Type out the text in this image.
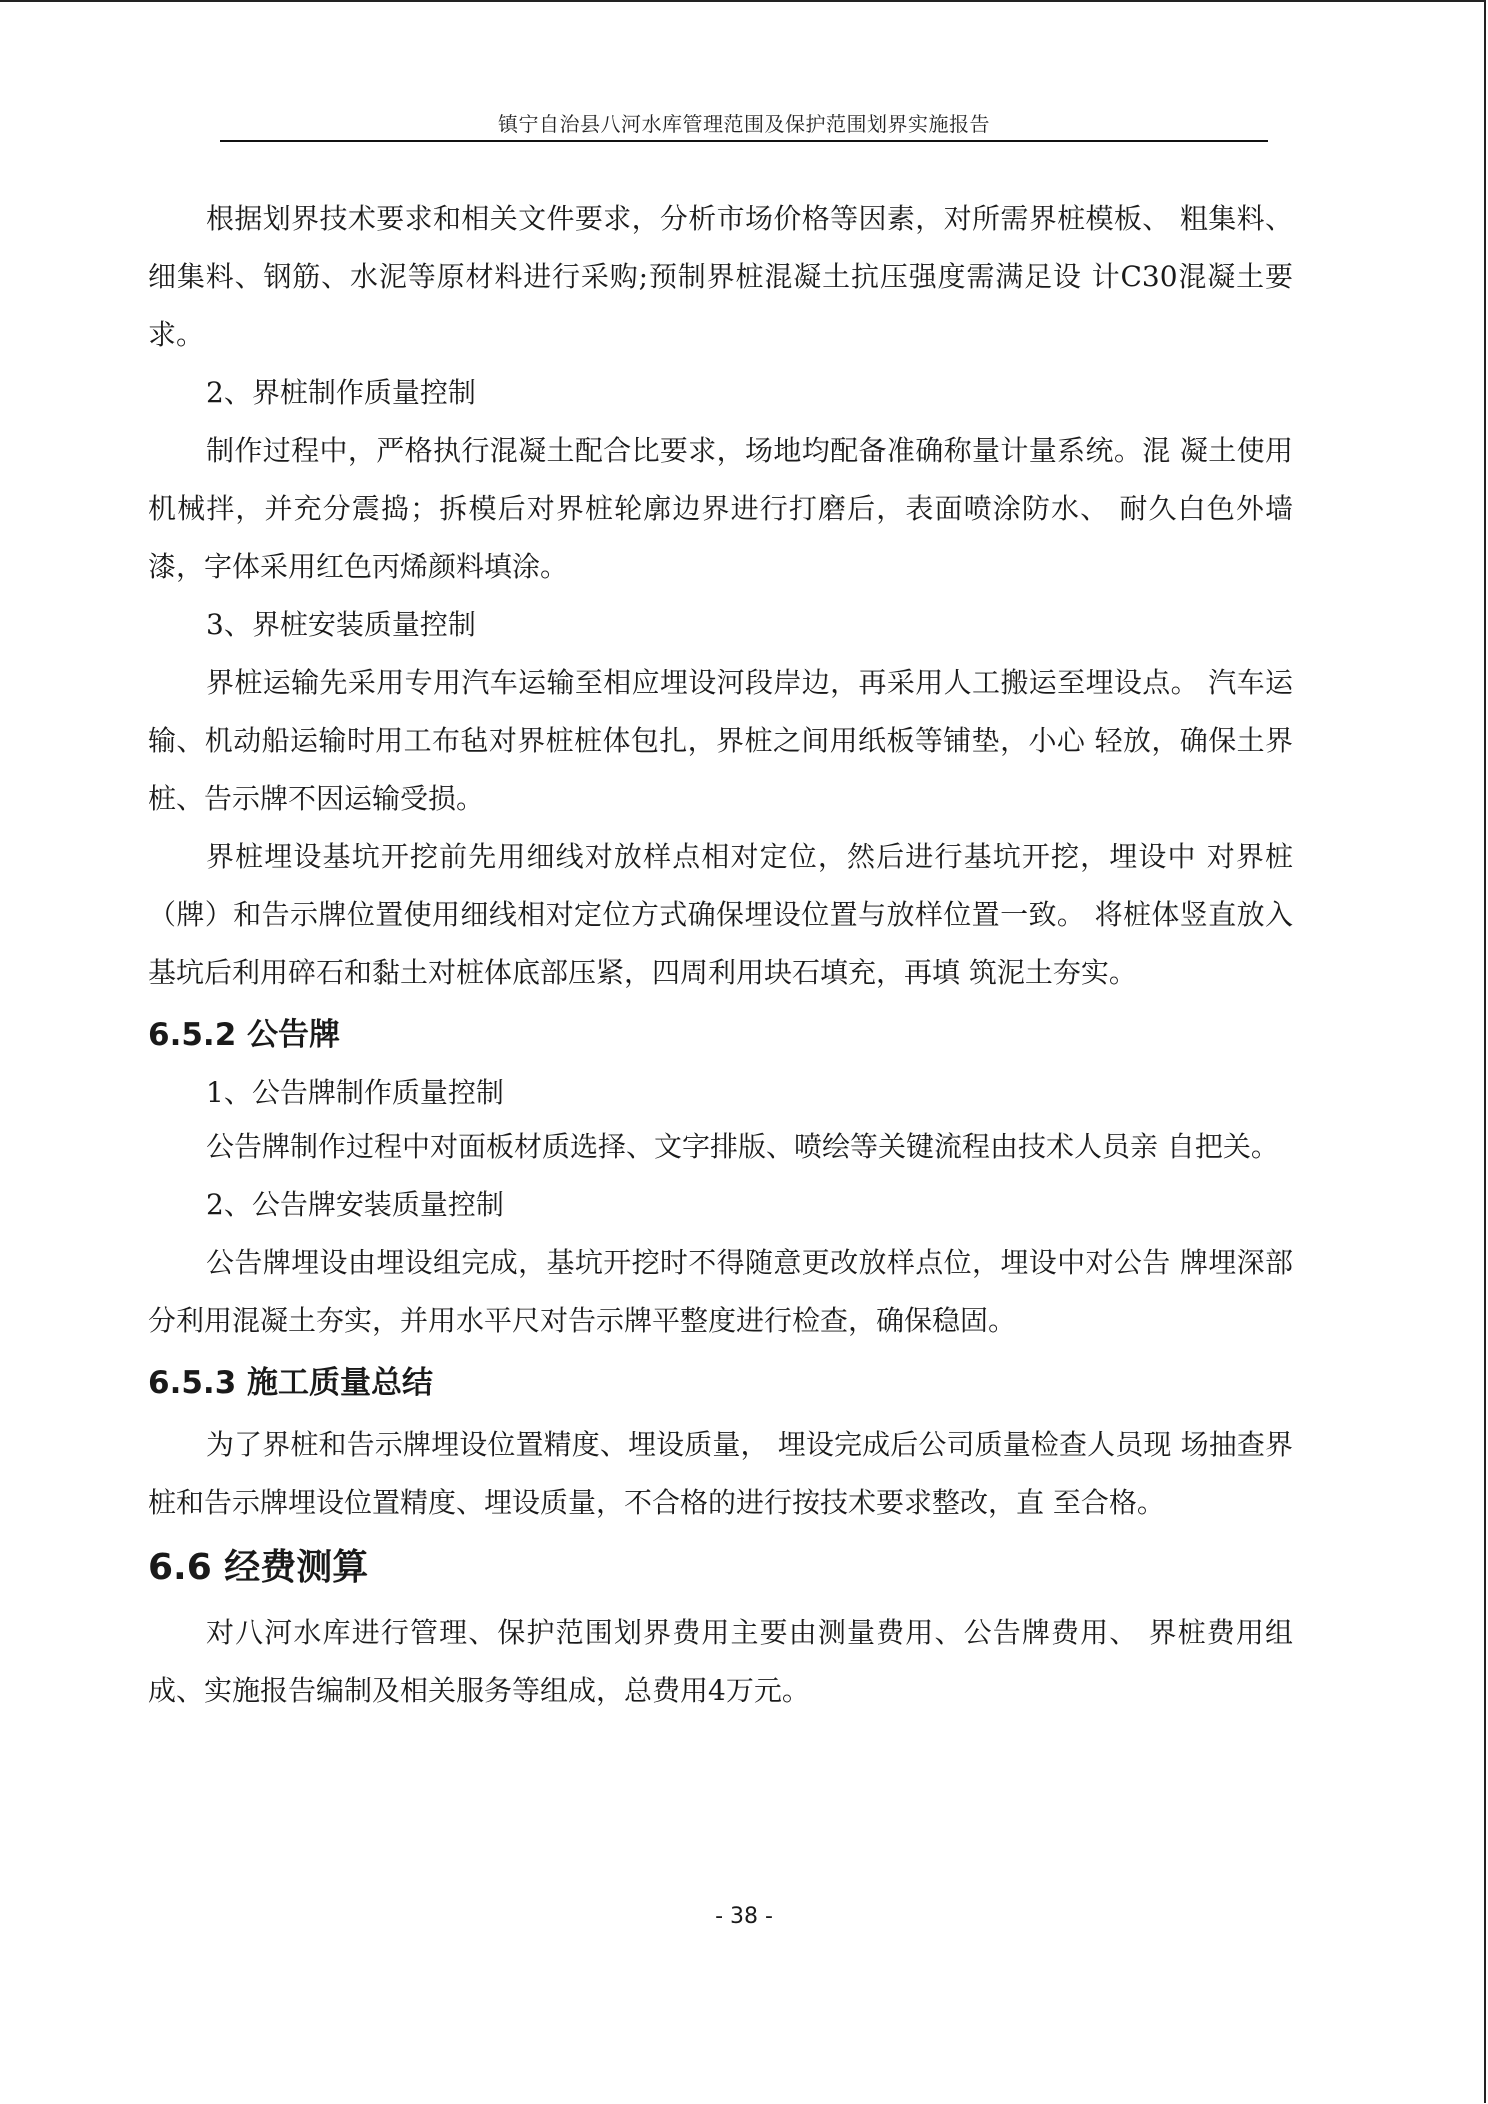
镇宁自治县八河水库管理范围及保护范围划界实施报告

根据划界技术要求和相关文件要求，分析市场价格等因素，对所需界桩模板、 粗集料、细集料、钢筋、水泥等原材料进行采购;预制界桩混凝土抗压强度需满足设 计C30混凝土要求。

2、界桩制作质量控制

制作过程中，严格执行混凝土配合比要求，场地均配备准确称量计量系统。混 凝土使用机械拌，并充分震捣；拆模后对界桩轮廓边界进行打磨后，表面喷涂防水、 耐久白色外墙漆，字体采用红色丙烯颜料填涂。

3、界桩安装质量控制

界桩运输先采用专用汽车运输至相应埋设河段岸边，再采用人工搬运至埋设点。 汽车运输、机动船运输时用工布毡对界桩桩体包扎，界桩之间用纸板等铺垫，小心 轻放，确保土界桩、告示牌不因运输受损。

界桩埋设基坑开挖前先用细线对放样点相对定位，然后进行基坑开挖，埋设中 对界桩（牌）和告示牌位置使用细线相对定位方式确保埋设位置与放样位置一致。 将桩体竖直放入基坑后利用碎石和黏土对桩体底部压紧，四周利用块石填充，再填 筑泥土夯实。

6.5.2 公告牌
1、公告牌制作质量控制

公告牌制作过程中对面板材质选择、文字排版、喷绘等关键流程由技术人员亲 自把关。

2、公告牌安装质量控制

公告牌埋设由埋设组完成，基坑开挖时不得随意更改放样点位，埋设中对公告 牌埋深部分利用混凝土夯实，并用水平尺对告示牌平整度进行检查，确保稳固。

6.5.3 施工质量总结

为了界桩和告示牌埋设位置精度、埋设质量， 埋设完成后公司质量检查人员现 场抽查界桩和告示牌埋设位置精度、埋设质量，不合格的进行按技术要求整改，直 至合格。

6.6 经费测算

对八河水库进行管理、保护范围划界费用主要由测量费用、公告牌费用、 界桩费用组成、实施报告编制及相关服务等组成，总费用4万元。

- 38 -
